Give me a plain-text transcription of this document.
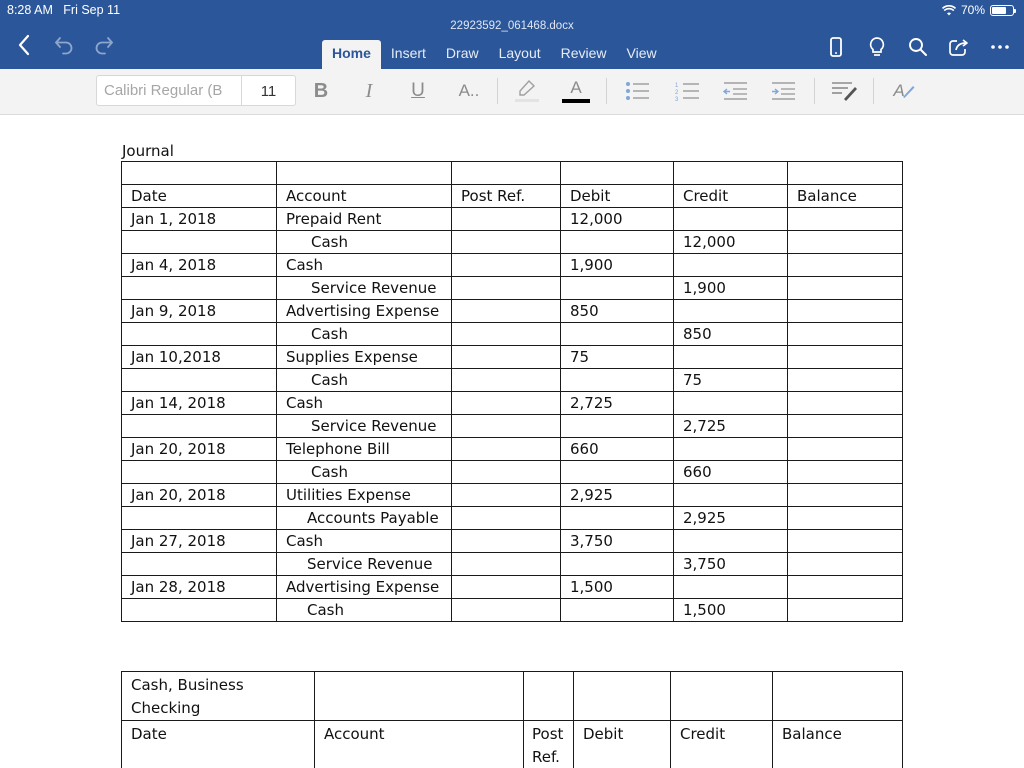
8:28 AM Fri Sep 11	70%
22923592_061468.docx
Home	Insert	Draw	Layout	Review	View
Calibri Regular (B	11	B	I	U	A..	A	1
2
3	A
Journal

Date	Account	Post Ref.	Debit	Credit	Balance
Jan 1, 2018	Prepaid Rent		12,000		
	Cash			12,000	
Jan 4, 2018	Cash		1,900		
	Service Revenue			1,900	
Jan 9, 2018	Advertising Expense		850		
	Cash			850	
Jan 10,2018	Supplies Expense		75		
	Cash			75	
Jan 14, 2018	Cash		2,725		
	Service Revenue			2,725	
Jan 20, 2018	Telephone Bill		660		
	Cash			660	
Jan 20, 2018	Utilities Expense		2,925		
	Accounts Payable			2,925	
Jan 27, 2018	Cash		3,750		
	Service Revenue			3,750	
Jan 28, 2018	Advertising Expense		1,500		
	Cash			1,500	
Cash, Business Checking					
Date	Account	Post Ref.	Debit	Credit	Balance
